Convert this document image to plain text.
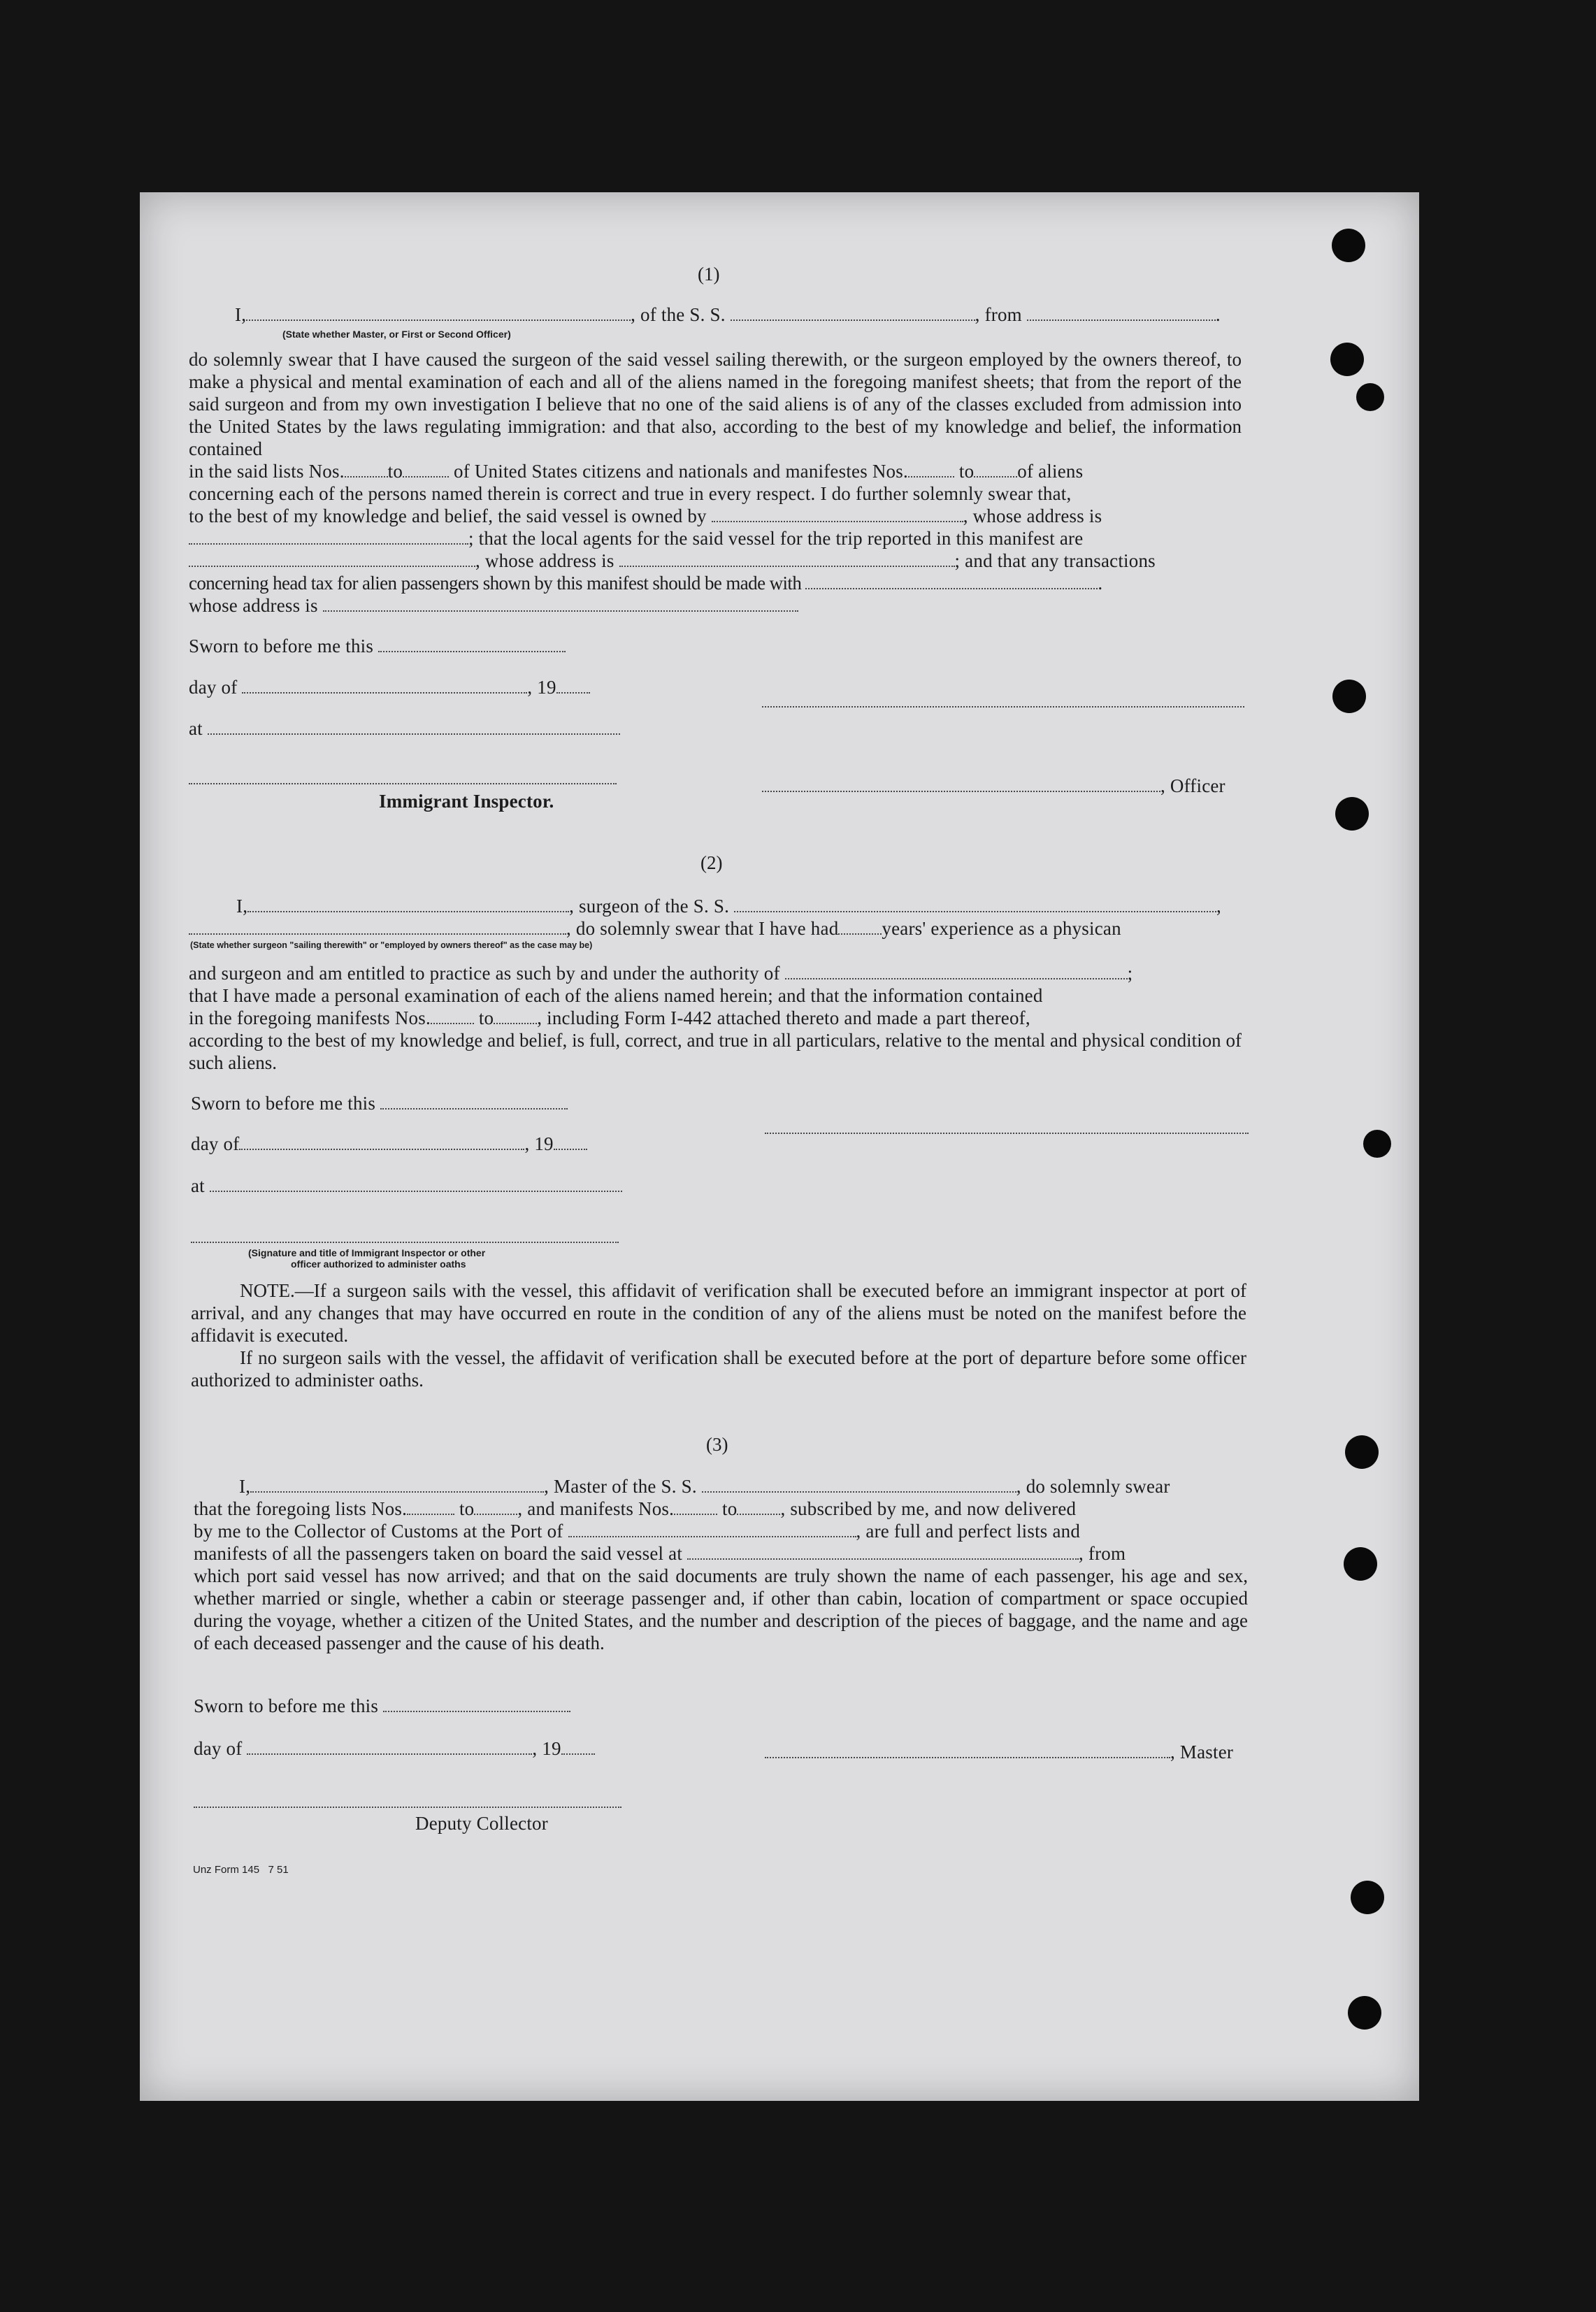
(1)
I,	, of the S. S.	, from	.
(State whether Master, or First or Second Officer)
do solemnly swear that I have caused the surgeon of the said vessel sailing therewith, or the surgeon employed by the owners thereof, to make a physical and mental examination of each and all of the aliens named in the foregoing manifest sheets; that from the report of the said surgeon and from my own investigation I believe that no one of the said aliens is of any of the classes excluded from admission into the United States by the laws regulating immigration: and that also, according to the best of my knowledge and belief, the information contained
in the said lists Nos. to	of United States citizens and nationals and manifestes Nos.	to of aliens
concerning each of the persons named therein is correct and true in every respect. I do further solemnly swear that,
to the best of my knowledge and belief, the said vessel is owned by	, whose address is
; that the local agents for the said vessel for the trip reported in this manifest are
, whose address is	; and that any transactions
concerning head tax for alien passengers shown by this manifest should be made with	.
whose address is
Sworn to before me this
day of	, 19
at
, Officer
Immigrant Inspector.
(2)
I,	, surgeon of the S. S.	,
, do solemnly swear that I have had years' experience as a physican
(State whether surgeon "sailing therewith" or "employed by owners thereof" as the case may be)
and surgeon and am entitled to practice as such by and under the authority of	;
that I have made a personal examination of each of the aliens named herein; and that the information contained
in the foregoing manifests Nos.	to , including Form I-442 attached thereto and made a part thereof,
according to the best of my knowledge and belief, is full, correct, and true in all particulars, relative to the mental and physical condition of such aliens.
Sworn to before me this
day of	, 19
at
(Signature and title of Immigrant Inspector or other
officer authorized to administer oaths
NOTE.—If a surgeon sails with the vessel, this affidavit of verification shall be executed before an immigrant inspector at port of arrival, and any changes that may have occurred en route in the condition of any of the aliens must be noted on the manifest before the affidavit is executed.
If no surgeon sails with the vessel, the affidavit of verification shall be executed before at the port of departure before some officer authorized to administer oaths.
(3)
I,	, Master of the S. S.	, do solemnly swear
that the foregoing lists Nos.	to , and manifests Nos.	to , subscribed by me, and now delivered
by me to the Collector of Customs at the Port of	, are full and perfect lists and
manifests of all the passengers taken on board the said vessel at	, from
which port said vessel has now arrived; and that on the said documents are truly shown the name of each passenger, his age and sex, whether married or single, whether a cabin or steerage passenger and, if other than cabin, location of compartment or space occupied during the voyage, whether a citizen of the United States, and the number and description of the pieces of baggage, and the name and age of each deceased passenger and the cause of his death.
Sworn to before me this
day of	, 19	, Master
Deputy Collector
Unz Form 145   7 51
